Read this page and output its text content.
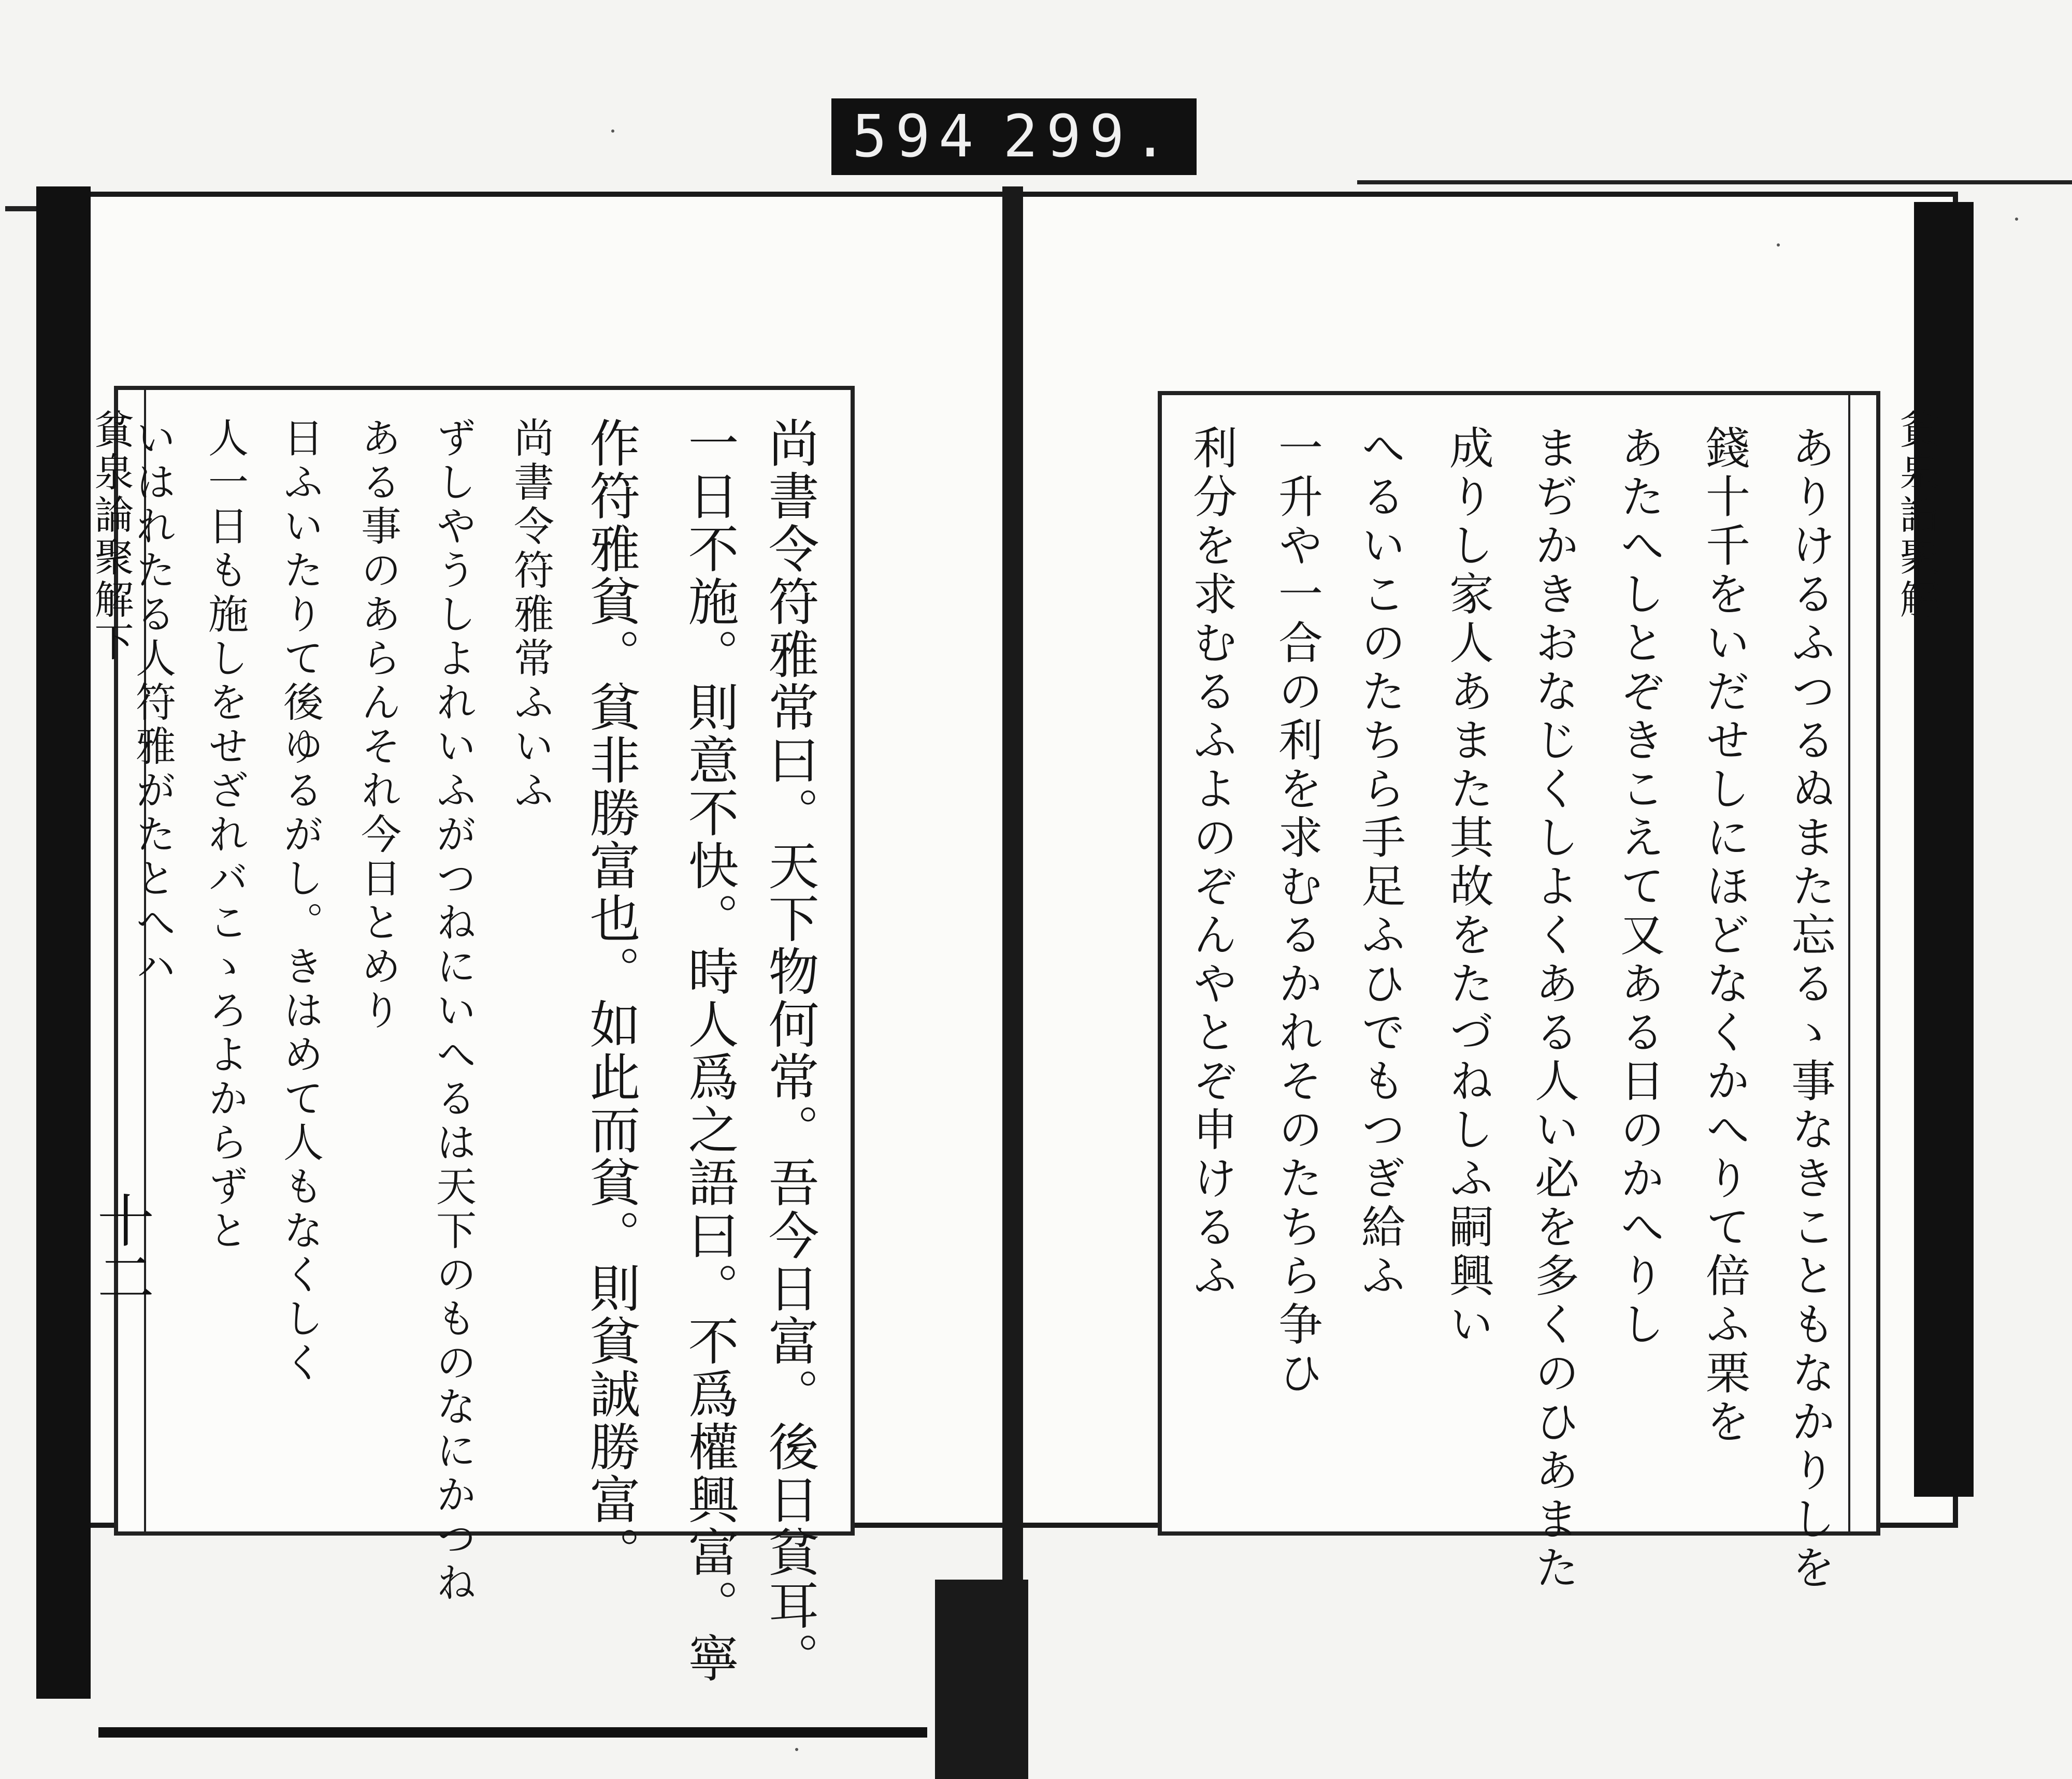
594 299.
貧泉論聚解下
十二
貧泉論聚解
尚書令符雅常曰。天下物何常。吾今日富。後日貧耳。
一日不施。則意不快。時人爲之語曰。不爲權興富。寧
作符雅貧。貧非勝富也。如此而貧。則貧誠勝富。
尚書令符雅常ふいふ
ずしやうしよれいふがつねにいへるは天下のものなにかつね
ある事のあらんそれ今日とめり
日ふいたりて後ゆるがし。きはめて人もなくしく
人一日も施しをせざれバこゝろよからずと
いはれたる人符雅がたとへハ	ありけるふつるぬまた忘るゝ事なきこともなかりしを
錢十千をいだせしにほどなくかへりて倍ふ栗を
あたへしとぞきこえて又ある日のかへりし
まぢかきおなじくしよくある人い必を多くのひあまた
成りし家人あまた其故をたづねしふ嗣興い
へるいこのたちら手足ふひでもつぎ給ふ
一升や一合の利を求むるかれそのたちら争ひ
利分を求むるふよのぞんやとぞ申けるふ
